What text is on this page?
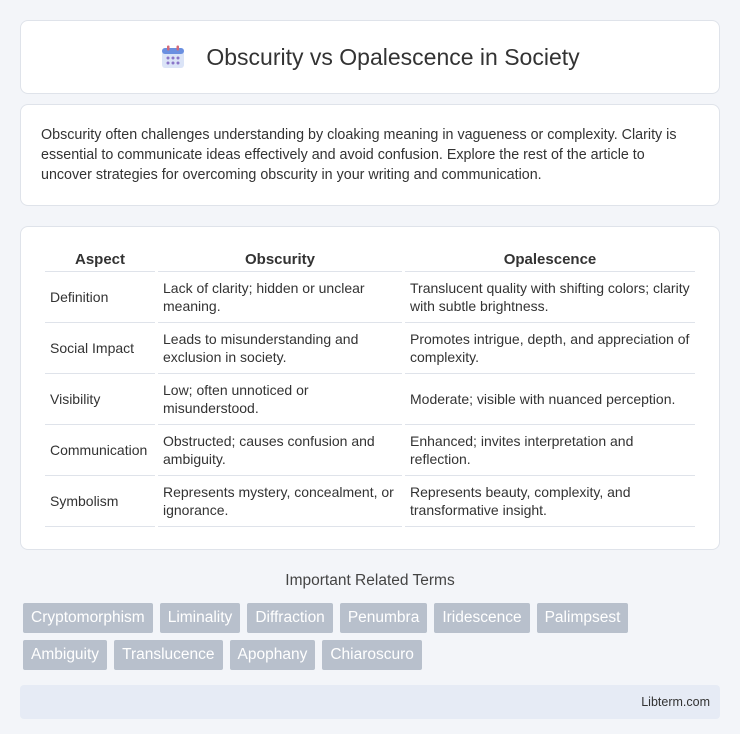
Obscurity vs Opalescence in Society

Obscurity often challenges understanding by cloaking meaning in vagueness or complexity. Clarity is essential to communicate ideas effectively and avoid confusion. Explore the rest of the article to uncover strategies for overcoming obscurity in your writing and communication.

Aspect	Obscurity	Opalescence
Definition	Lack of clarity; hidden or unclear meaning.	Translucent quality with shifting colors; clarity with subtle brightness.
Social Impact	Leads to misunderstanding and exclusion in society.	Promotes intrigue, depth, and appreciation of complexity.
Visibility	Low; often unnoticed or misunderstood.	Moderate; visible with nuanced perception.
Communication	Obstructed; causes confusion and ambiguity.	Enhanced; invites interpretation and reflection.
Symbolism	Represents mystery, concealment, or ignorance.	Represents beauty, complexity, and transformative insight.
Important Related Terms
Cryptomorphism	Liminality	Diffraction	Penumbra	Iridescence	Palimpsest
Ambiguity	Translucence	Apophany	Chiaroscuro
Libterm.com
